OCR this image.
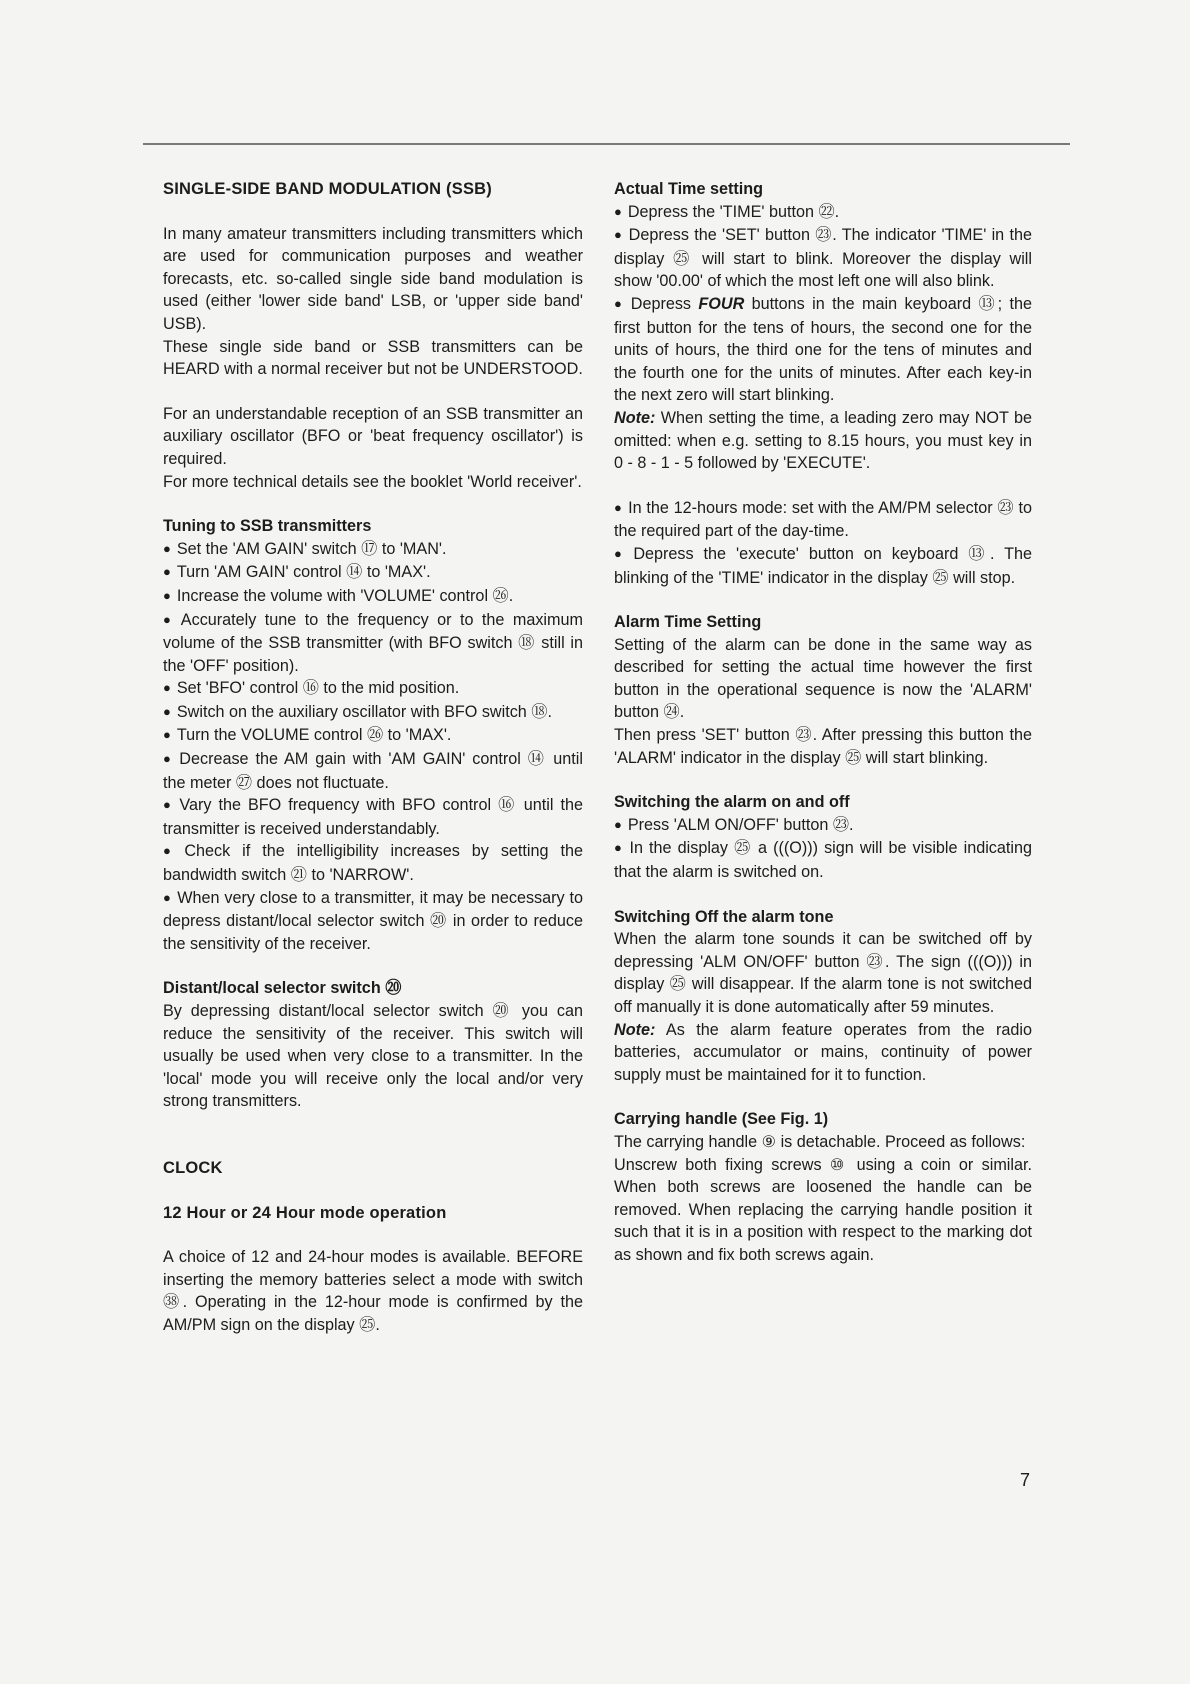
SINGLE-SIDE BAND MODULATION (SSB)

In many amateur transmitters including transmitters which are used for communication purposes and weather forecasts, etc. so-called single side band modulation is used (either 'lower side band' LSB, or 'upper side band' USB).

These single side band or SSB transmitters can be HEARD with a normal receiver but not be UNDERSTOOD.

For an understandable reception of an SSB transmitter an auxiliary oscillator (BFO or 'beat frequency oscillator') is required.

For more technical details see the booklet 'World receiver'.

Tuning to SSB transmitters
● Set the 'AM GAIN' switch ⑰ to 'MAN'.
● Turn 'AM GAIN' control ⑭ to 'MAX'.
● Increase the volume with 'VOLUME' control ㉖.
● Accurately tune to the frequency or to the maximum volume of the SSB transmitter (with BFO switch ⑱ still in the 'OFF' position).
● Set 'BFO' control ⑯ to the mid position.
● Switch on the auxiliary oscillator with BFO switch ⑱.
● Turn the VOLUME control ㉖ to 'MAX'.
● Decrease the AM gain with 'AM GAIN' control ⑭ until the meter ㉗ does not fluctuate.
● Vary the BFO frequency with BFO control ⑯ until the transmitter is received understandably.
● Check if the intelligibility increases by setting the bandwidth switch ㉑ to 'NARROW'.
● When very close to a transmitter, it may be necessary to depress distant/local selector switch ⑳ in order to reduce the sensitivity of the receiver.
Distant/local selector switch ⑳

By depressing distant/local selector switch ⑳ you can reduce the sensitivity of the receiver. This switch will usually be used when very close to a transmitter. In the 'local' mode you will receive only the local and/or very strong transmitters.

CLOCK
12 Hour or 24 Hour mode operation

A choice of 12 and 24-hour modes is available. BEFORE inserting the memory batteries select a mode with switch ㊳. Operating in the 12-hour mode is confirmed by the AM/PM sign on the display ㉕.

Actual Time setting
● Depress the 'TIME' button ㉒.
● Depress the 'SET' button ㉓. The indicator 'TIME' in the display ㉕ will start to blink. Moreover the display will show '00.00' of which the most left one will also blink.
● Depress FOUR buttons in the main keyboard ⑬; the first button for the tens of hours, the second one for the units of hours, the third one for the tens of minutes and the fourth one for the units of minutes. After each key-in the next zero will start blinking.
Note: When setting the time, a leading zero may NOT be omitted: when e.g. setting to 8.15 hours, you must key in 0 - 8 - 1 - 5 followed by 'EXECUTE'.
● In the 12-hours mode: set with the AM/PM selector ㉓ to the required part of the day-time.
● Depress the 'execute' button on keyboard ⑬. The blinking of the 'TIME' indicator in the display ㉕ will stop.
Alarm Time Setting

Setting of the alarm can be done in the same way as described for setting the actual time however the first button in the operational sequence is now the 'ALARM' button ㉔.

Then press 'SET' button ㉓. After pressing this button the 'ALARM' indicator in the display ㉕ will start blinking.

Switching the alarm on and off
● Press 'ALM ON/OFF' button ㉓.
● In the display ㉕ a (((O))) sign will be visible indicating that the alarm is switched on.
Switching Off the alarm tone

When the alarm tone sounds it can be switched off by depressing 'ALM ON/OFF' button ㉓. The sign (((O))) in display ㉕ will disappear. If the alarm tone is not switched off manually it is done automatically after 59 minutes.

Note: As the alarm feature operates from the radio batteries, accumulator or mains, continuity of power supply must be maintained for it to function.
Carrying handle (See Fig. 1)

The carrying handle ⑨ is detachable. Proceed as follows:

Unscrew both fixing screws ⑩ using a coin or similar. When both screws are loosened the handle can be removed. When replacing the carrying handle position it such that it is in a position with respect to the marking dot as shown and fix both screws again.

7
